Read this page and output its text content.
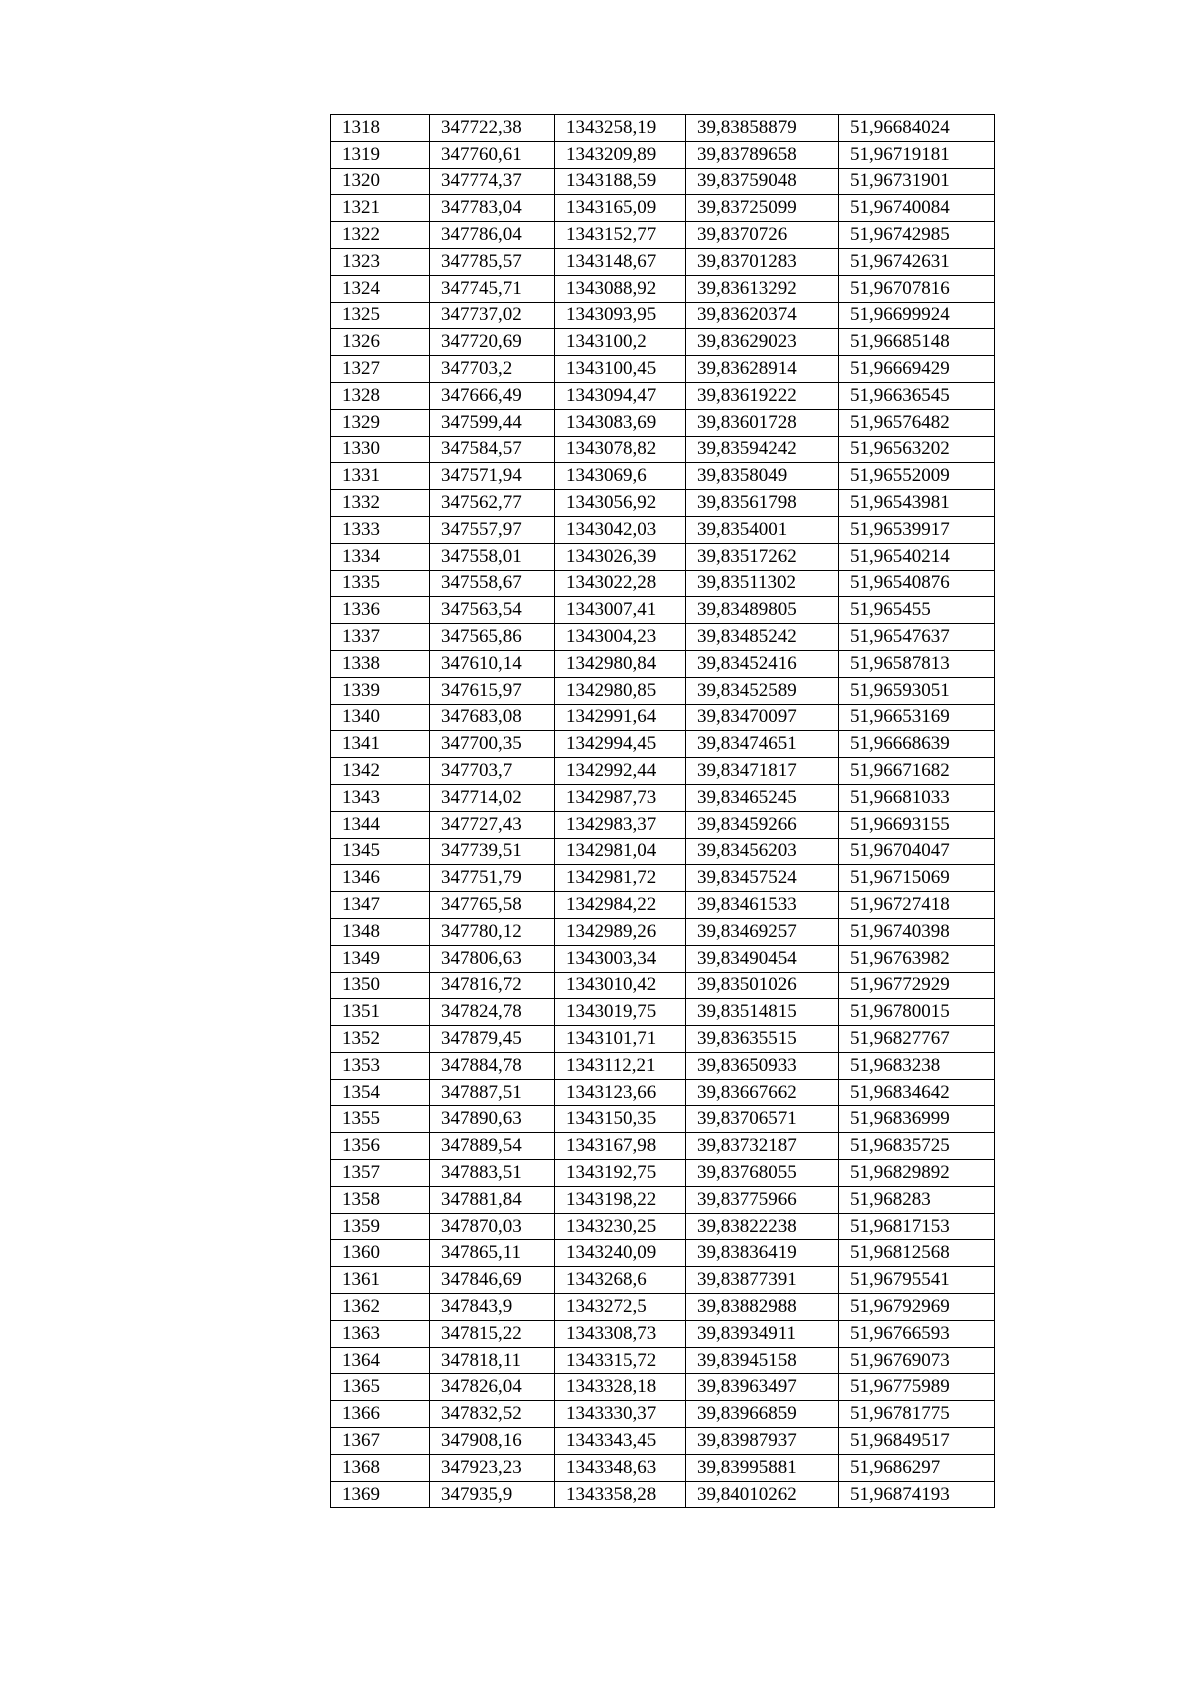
1318	347722,38	1343258,19	39,83858879	51,96684024
1319	347760,61	1343209,89	39,83789658	51,96719181
1320	347774,37	1343188,59	39,83759048	51,96731901
1321	347783,04	1343165,09	39,83725099	51,96740084
1322	347786,04	1343152,77	39,8370726	51,96742985
1323	347785,57	1343148,67	39,83701283	51,96742631
1324	347745,71	1343088,92	39,83613292	51,96707816
1325	347737,02	1343093,95	39,83620374	51,96699924
1326	347720,69	1343100,2	39,83629023	51,96685148
1327	347703,2	1343100,45	39,83628914	51,96669429
1328	347666,49	1343094,47	39,83619222	51,96636545
1329	347599,44	1343083,69	39,83601728	51,96576482
1330	347584,57	1343078,82	39,83594242	51,96563202
1331	347571,94	1343069,6	39,8358049	51,96552009
1332	347562,77	1343056,92	39,83561798	51,96543981
1333	347557,97	1343042,03	39,8354001	51,96539917
1334	347558,01	1343026,39	39,83517262	51,96540214
1335	347558,67	1343022,28	39,83511302	51,96540876
1336	347563,54	1343007,41	39,83489805	51,965455
1337	347565,86	1343004,23	39,83485242	51,96547637
1338	347610,14	1342980,84	39,83452416	51,96587813
1339	347615,97	1342980,85	39,83452589	51,96593051
1340	347683,08	1342991,64	39,83470097	51,96653169
1341	347700,35	1342994,45	39,83474651	51,96668639
1342	347703,7	1342992,44	39,83471817	51,96671682
1343	347714,02	1342987,73	39,83465245	51,96681033
1344	347727,43	1342983,37	39,83459266	51,96693155
1345	347739,51	1342981,04	39,83456203	51,96704047
1346	347751,79	1342981,72	39,83457524	51,96715069
1347	347765,58	1342984,22	39,83461533	51,96727418
1348	347780,12	1342989,26	39,83469257	51,96740398
1349	347806,63	1343003,34	39,83490454	51,96763982
1350	347816,72	1343010,42	39,83501026	51,96772929
1351	347824,78	1343019,75	39,83514815	51,96780015
1352	347879,45	1343101,71	39,83635515	51,96827767
1353	347884,78	1343112,21	39,83650933	51,9683238
1354	347887,51	1343123,66	39,83667662	51,96834642
1355	347890,63	1343150,35	39,83706571	51,96836999
1356	347889,54	1343167,98	39,83732187	51,96835725
1357	347883,51	1343192,75	39,83768055	51,96829892
1358	347881,84	1343198,22	39,83775966	51,968283
1359	347870,03	1343230,25	39,83822238	51,96817153
1360	347865,11	1343240,09	39,83836419	51,96812568
1361	347846,69	1343268,6	39,83877391	51,96795541
1362	347843,9	1343272,5	39,83882988	51,96792969
1363	347815,22	1343308,73	39,83934911	51,96766593
1364	347818,11	1343315,72	39,83945158	51,96769073
1365	347826,04	1343328,18	39,83963497	51,96775989
1366	347832,52	1343330,37	39,83966859	51,96781775
1367	347908,16	1343343,45	39,83987937	51,96849517
1368	347923,23	1343348,63	39,83995881	51,9686297
1369	347935,9	1343358,28	39,84010262	51,96874193
